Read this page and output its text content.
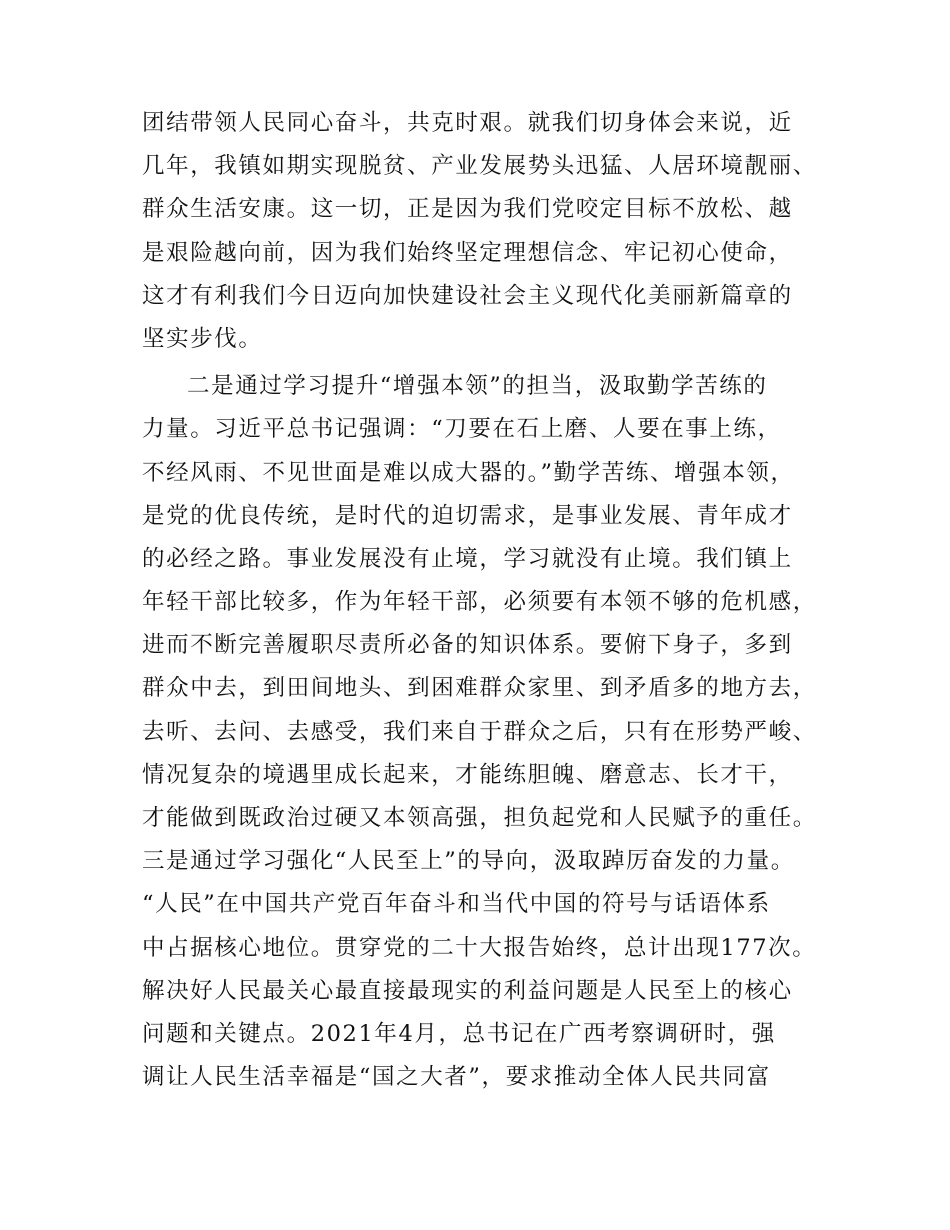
团结带领人民同心奋斗，共克时艰。就我们切身体会来说，近
几年，我镇如期实现脱贫、产业发展势头迅猛、人居环境靓丽、
群众生活安康。这一切，正是因为我们党咬定目标不放松、越
是艰险越向前，因为我们始终坚定理想信念、牢记初心使命，
这才有利我们今日迈向加快建设社会主义现代化美丽新篇章的
坚实步伐。
二是通过学习提升“增强本领”的担当，汲取勤学苦练的
力量。习近平总书记强调：“刀要在石上磨、人要在事上练，
不经风雨、不见世面是难以成大器的。”勤学苦练、增强本领，
是党的优良传统，是时代的迫切需求，是事业发展、青年成才
的必经之路。事业发展没有止境，学习就没有止境。我们镇上
年轻干部比较多，作为年轻干部，必须要有本领不够的危机感，
进而不断完善履职尽责所必备的知识体系。要俯下身子，多到
群众中去，到田间地头、到困难群众家里、到矛盾多的地方去，
去听、去问、去感受，我们来自于群众之后，只有在形势严峻、
情况复杂的境遇里成长起来，才能练胆魄、磨意志、长才干，
才能做到既政治过硬又本领高强，担负起党和人民赋予的重任。
三是通过学习强化“人民至上”的导向，汲取踔厉奋发的力量。
“人民”在中国共产党百年奋斗和当代中国的符号与话语体系
中占据核心地位。贯穿党的二十大报告始终，总计出现177次。
解决好人民最关心最直接最现实的利益问题是人民至上的核心
问题和关键点。2021年4月，总书记在广西考察调研时，强
调让人民生活幸福是“国之大者”，要求推动全体人民共同富
